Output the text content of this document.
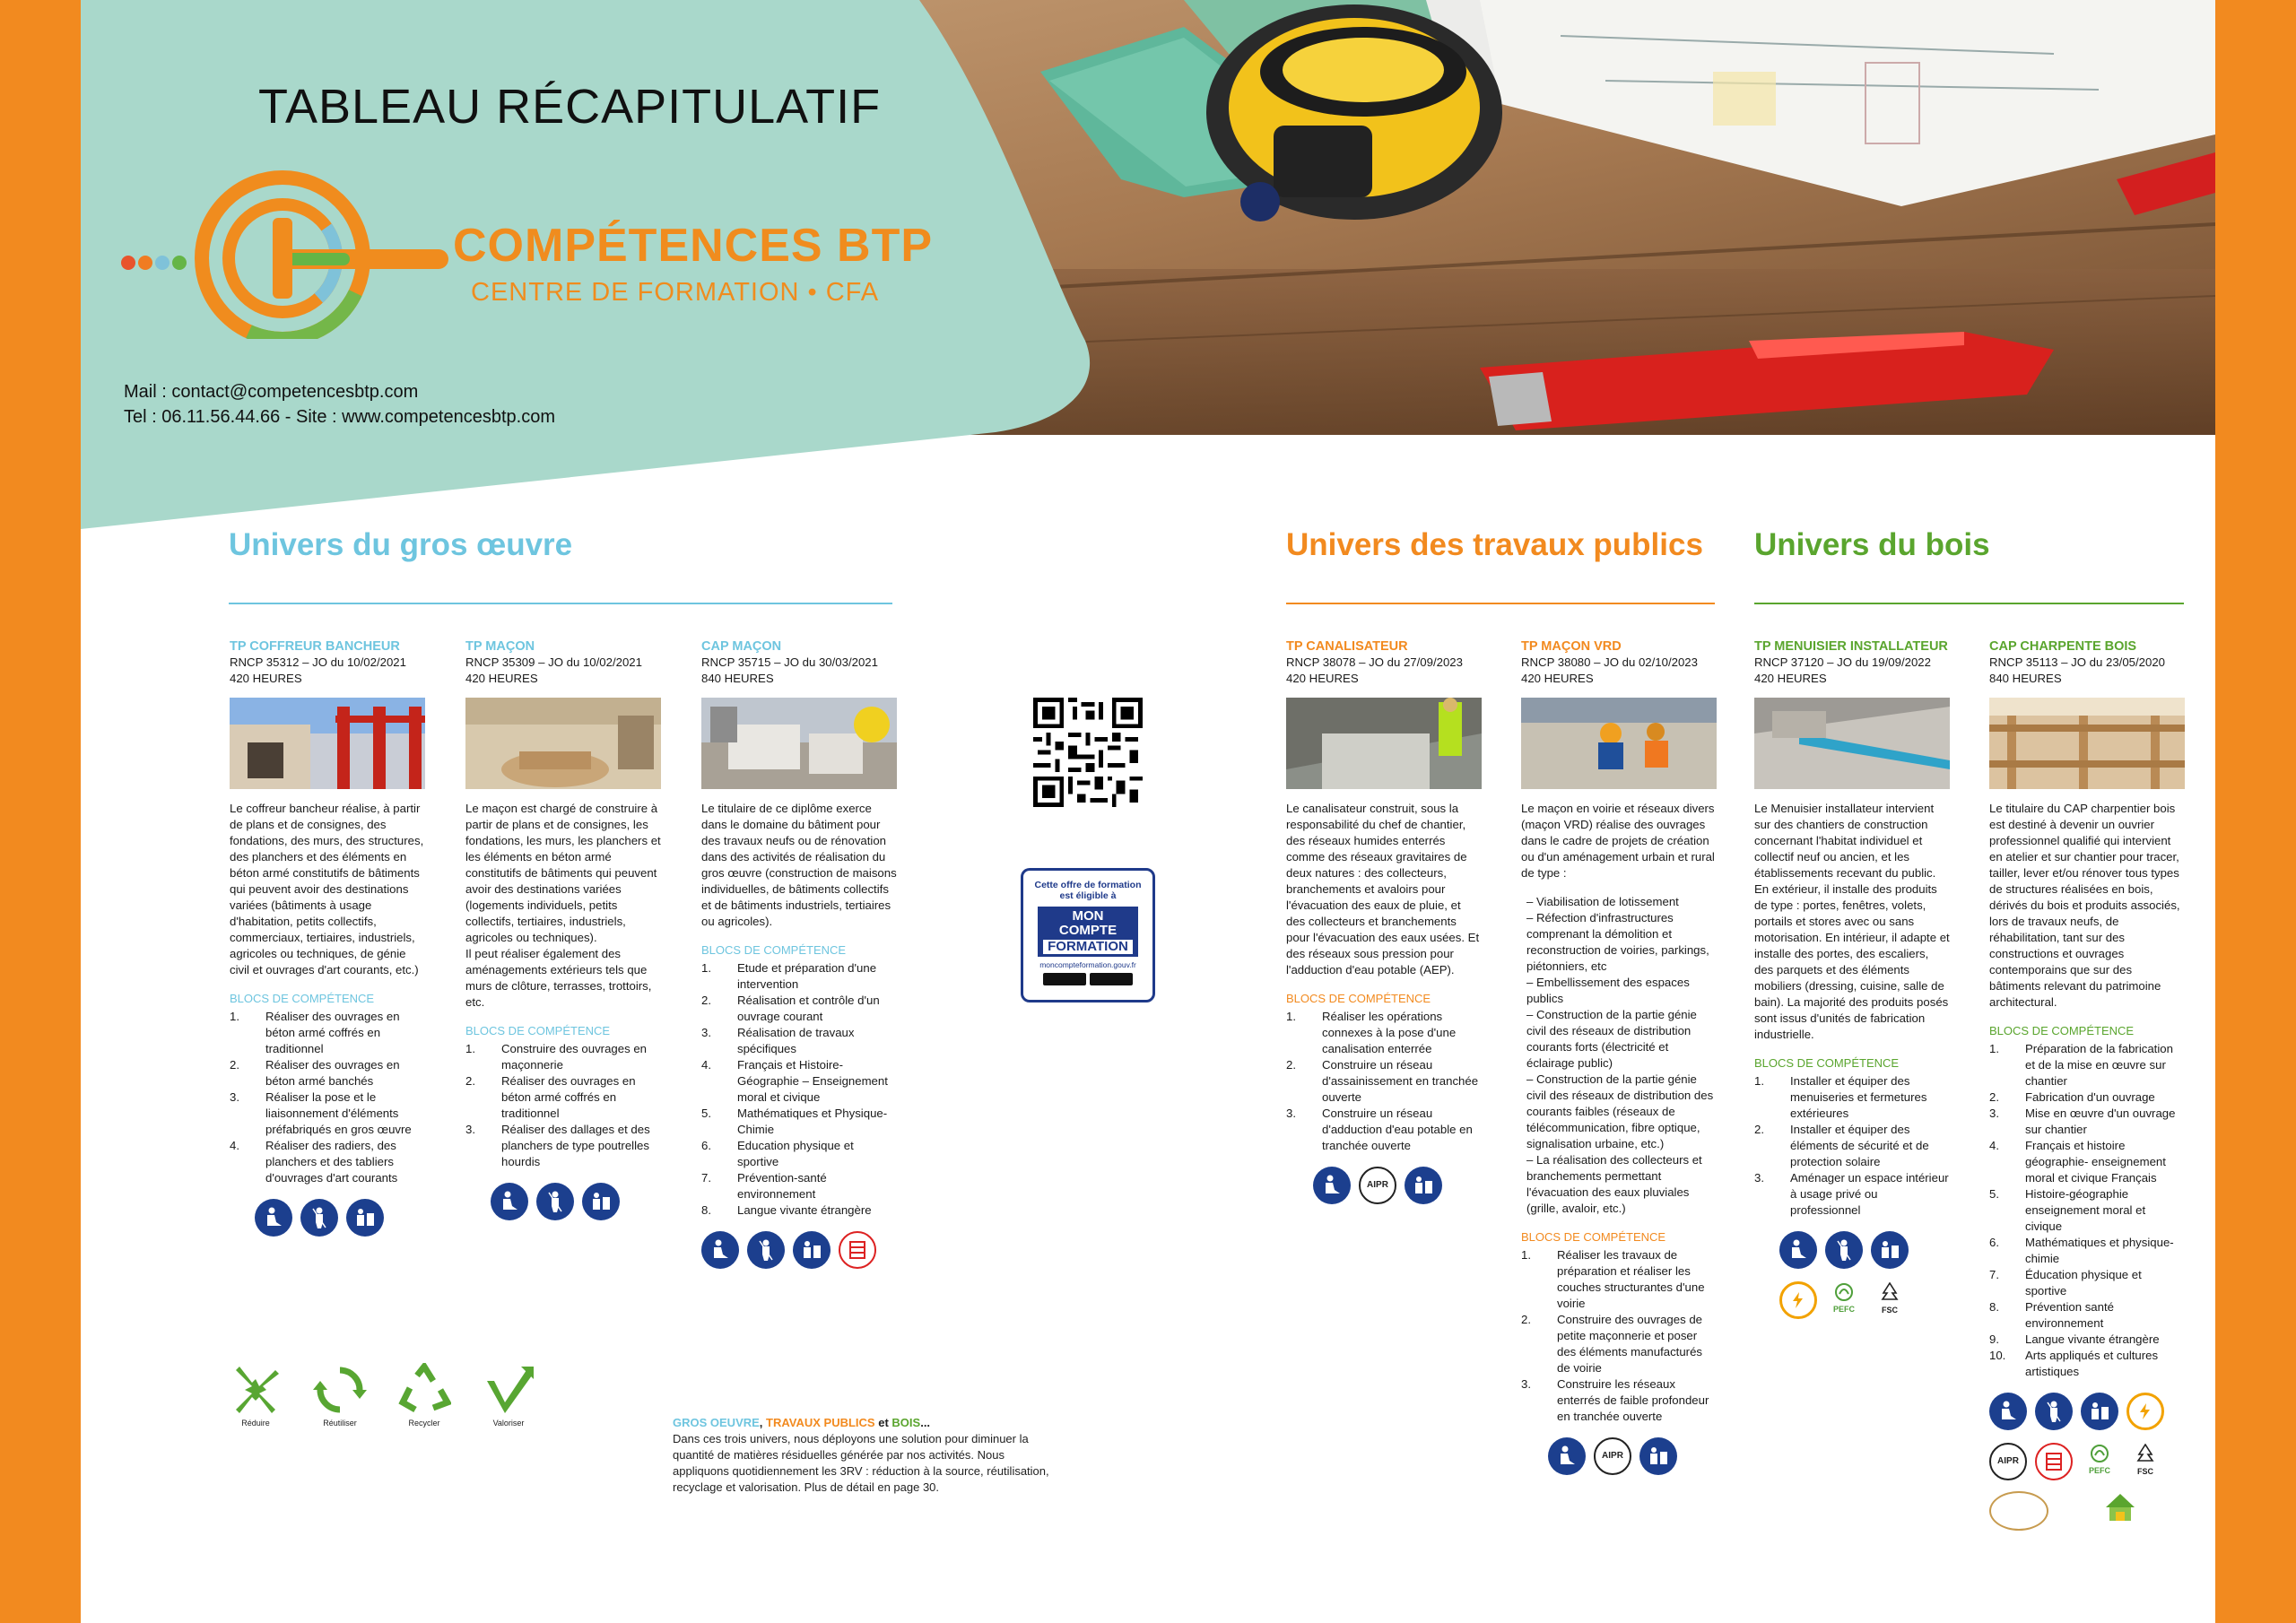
TABLEAU RÉCAPITULATIF
COMPÉTENCES BTP
CENTRE DE FORMATION • CFA
Mail : contact@competencesbtp.com
Tel : 06.11.56.44.66 - Site : www.competencesbtp.com
Univers du gros œuvre	Univers des travaux publics Univers du bois
TP COFFREUR BANCHEUR
RNCP 35312 – JO du 10/02/2021
420 HEURES

Le coffreur bancheur réalise, à partir de plans et de consignes, des fondations, des murs, des structures, des planchers et des éléments en béton armé constitutifs de bâtiments qui peuvent avoir des destinations variées (bâtiments à usage d'habitation, petits collectifs, commerciaux, tertiaires, industriels, agricoles ou techniques, de génie civil et ouvrages d'art courants, etc.)

BLOCS DE COMPÉTENCE
1. Réaliser des ouvrages en béton armé coffrés en traditionnel
2. Réaliser des ouvrages en béton armé banchés
3. Réaliser la pose et le liaisonnement d'éléments préfabriqués en gros œuvre
4. Réaliser des radiers, des planchers et des tabliers d'ouvrages d'art courants
TP MAÇON
RNCP 35309 – JO du 10/02/2021
420 HEURES

Le maçon est chargé de construire à partir de plans et de consignes, les fondations, les murs, les planchers et les éléments en béton armé constitutifs de bâtiments qui peuvent avoir des destinations variées (logements individuels, petits collectifs, tertiaires, industriels, agricoles ou techniques).

Il peut réaliser également des aménagements extérieurs tels que murs de clôture, terrasses, trottoirs, etc.

BLOCS DE COMPÉTENCE
1. Construire des ouvrages en maçonnerie
2. Réaliser des ouvrages en béton armé coffrés en traditionnel
3. Réaliser des dallages et des planchers de type poutrelles hourdis
CAP MAÇON
RNCP 35715 – JO du 30/03/2021
840 HEURES

Le titulaire de ce diplôme exerce dans le domaine du bâtiment pour des travaux neufs ou de rénovation dans des activités de réalisation du gros œuvre (construction de maisons individuelles, de bâtiments collectifs et de bâtiments industriels, tertiaires ou agricoles).

BLOCS DE COMPÉTENCE
1. Etude et préparation d'une intervention
2. Réalisation et contrôle d'un ouvrage courant
3. Réalisation de travaux spécifiques
4. Français et Histoire-Géographie – Enseignement moral et civique
5. Mathématiques et Physique-Chimie
6. Education physique et sportive
7. Prévention-santé environnement
8. Langue vivante étrangère
Cette offre de formation
est éligible à
MON
COMPTE
FORMATION
moncompteformation.gouv.fr
TP CANALISATEUR
RNCP 38078 – JO du 27/09/2023
420 HEURES

Le canalisateur construit, sous la responsabilité du chef de chantier, des réseaux humides enterrés comme des réseaux gravitaires de deux natures : des collecteurs, branchements et avaloirs pour l'évacuation des eaux de pluie, et des collecteurs et branchements pour l'évacuation des eaux usées. Et des réseaux sous pression pour l'adduction d'eau potable (AEP).

BLOCS DE COMPÉTENCE
1. Réaliser les opérations connexes à la pose d'une canalisation enterrée
2. Construire un réseau d'assainissement en tranchée ouverte
3. Construire un réseau d'adduction d'eau potable en tranchée ouverte
AIPR
TP MAÇON VRD
RNCP 38080 – JO du 02/10/2023
420 HEURES

Le maçon en voirie et réseaux divers (maçon VRD) réalise des ouvrages dans le cadre de projets de création ou d'un aménagement urbain et rural de type :

– Viabilisation de lotissement
– Réfection d'infrastructures comprenant la démolition et reconstruction de voiries, parkings, piétonniers, etc
– Embellissement des espaces publics
– Construction de la partie génie civil des réseaux de distribution courants forts (électricité et éclairage public)
– Construction de la partie génie civil des réseaux de distribution des courants faibles (réseaux de télécommunication, fibre optique, signalisation urbaine, etc.)
– La réalisation des collecteurs et branchements permettant l'évacuation des eaux pluviales (grille, avaloir, etc.)
BLOCS DE COMPÉTENCE
1. Réaliser les travaux de préparation et réaliser les couches structurantes d'une voirie
2. Construire des ouvrages de petite maçonnerie et poser des éléments manufacturés de voirie
3. Construire les réseaux enterrés de faible profondeur en tranchée ouverte
AIPR
TP MENUISIER INSTALLATEUR
RNCP 37120 – JO du 19/09/2022
420 HEURES

Le Menuisier installateur intervient sur des chantiers de construction concernant l'habitat individuel et collectif neuf ou ancien, et les établissements recevant du public. En extérieur, il installe des produits de type : portes, fenêtres, volets, portails et stores avec ou sans motorisation. En intérieur, il adapte et installe des portes, des escaliers, des parquets et des éléments mobiliers (dressing, cuisine, salle de bain). La majorité des produits posés sont issus d'unités de fabrication industrielle.

BLOCS DE COMPÉTENCE
1. Installer et équiper des menuiseries et fermetures extérieures
2. Installer et équiper des éléments de sécurité et de protection solaire
3. Aménager un espace intérieur à usage privé ou professionnel
PEFC	FSC
CAP CHARPENTE BOIS
RNCP 35113 – JO du 23/05/2020
840 HEURES

Le titulaire du CAP charpentier bois est destiné à devenir un ouvrier professionnel qualifié qui intervient en atelier et sur chantier pour tracer, tailler, lever et/ou rénover tous types de structures réalisées en bois, dérivés du bois et produits associés, lors de travaux neufs, de réhabilitation, tant sur des constructions et ouvrages contemporains que sur des bâtiments relevant du patrimoine architectural.

BLOCS DE COMPÉTENCE
1. Préparation de la fabrication et de la mise en œuvre sur chantier
2. Fabrication d'un ouvrage
3. Mise en œuvre d'un ouvrage sur chantier
4. Français et histoire géographie- enseignement moral et civique Français
5. Histoire-géographie enseignement moral et civique
6. Mathématiques et physique-chimie
7. Éducation physique et sportive
8. Prévention santé environnement
9. Langue vivante étrangère
10. Arts appliqués et cultures artistiques
AIPR
PEFC	FSC
Réduire	Réutiliser	Recycler	Valoriser	GROS OEUVRE, TRAVAUX PUBLICS et BOIS...
Dans ces trois univers, nous déployons une solution pour diminuer la quantité de matières résiduelles générée par nos activités. Nous appliquons quotidiennement les 3RV : réduction à la source, réutilisation, recyclage et valorisation. Plus de détail en page 30.
